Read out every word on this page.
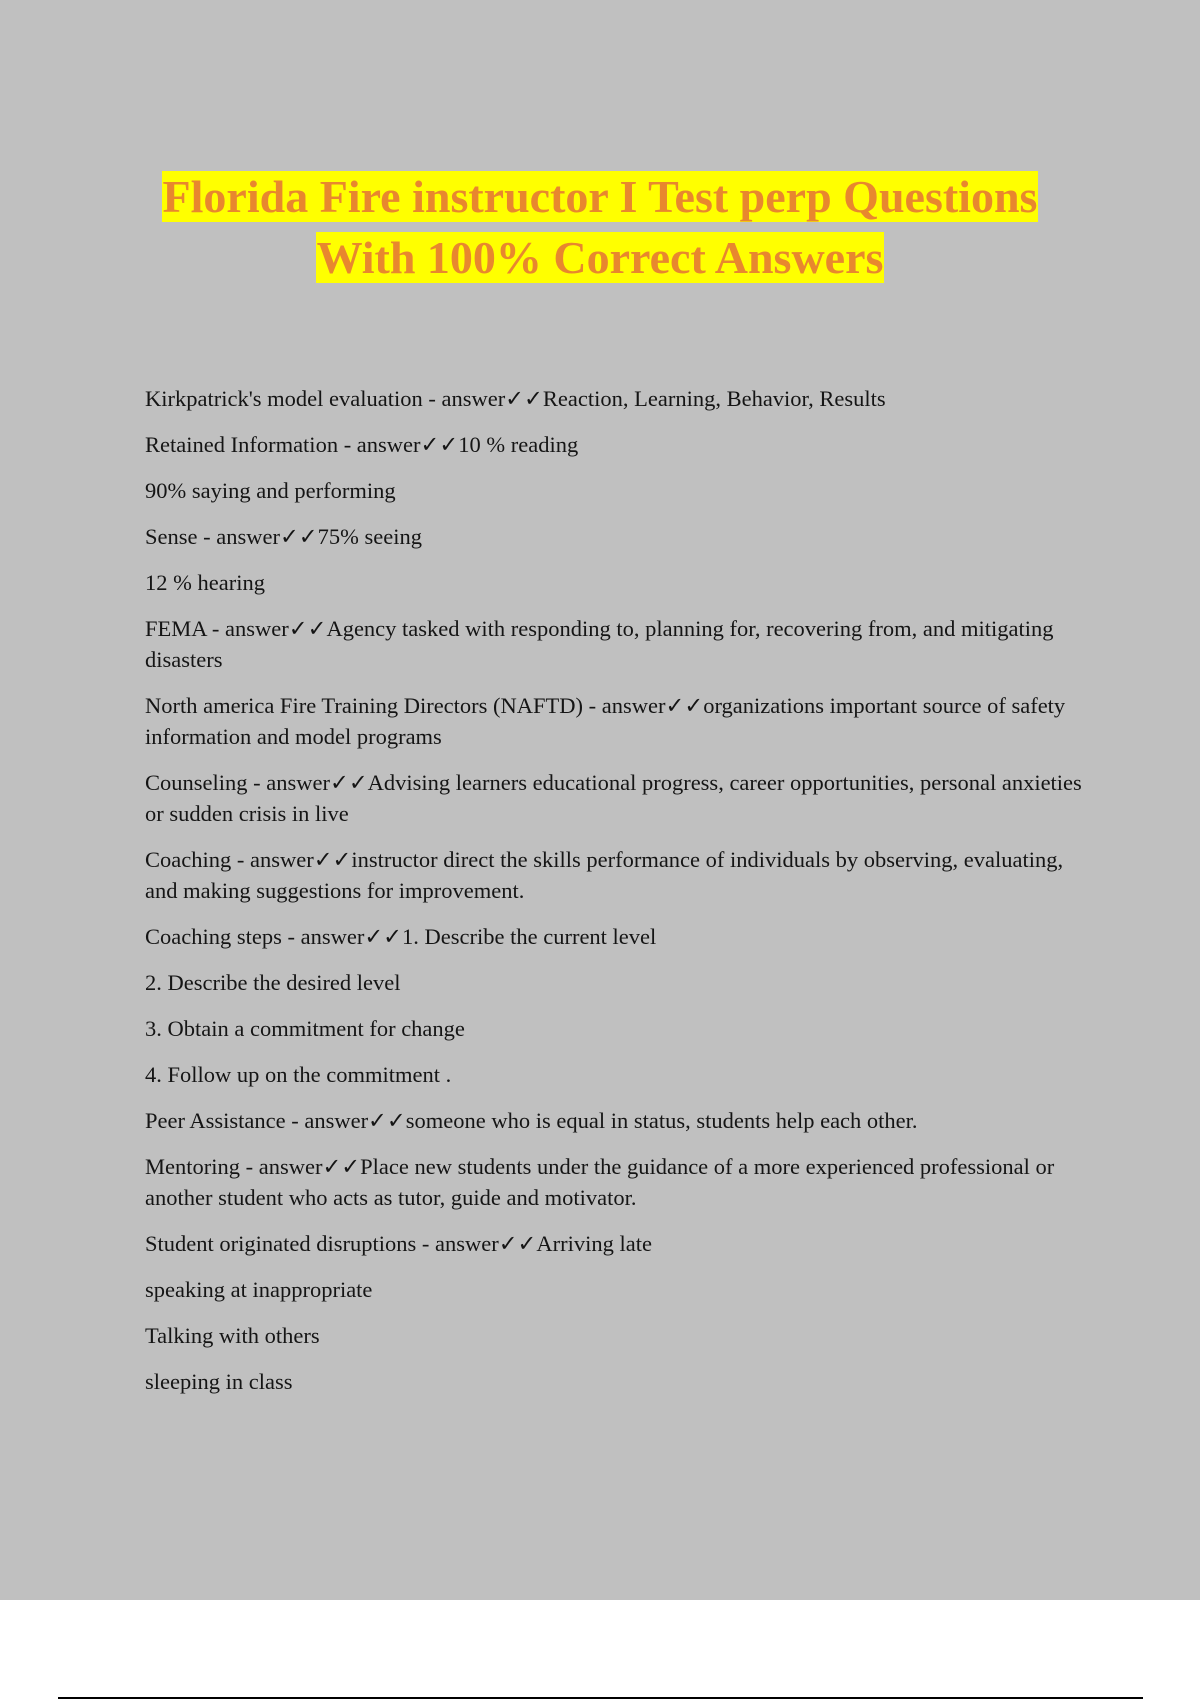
Florida Fire instructor I Test perp Questions
With 100% Correct Answers

Kirkpatrick's model evaluation - answer✓✓Reaction, Learning, Behavior, Results

Retained Information - answer✓✓10 % reading

90% saying and performing

Sense - answer✓✓75% seeing

12 % hearing

FEMA - answer✓✓Agency tasked with responding to, planning for, recovering from, and mitigating disasters

North america Fire Training Directors (NAFTD) - answer✓✓organizations important source of safety information and model programs

Counseling - answer✓✓Advising learners educational progress, career opportunities, personal anxieties or sudden crisis in live

Coaching - answer✓✓instructor direct the skills performance of individuals by observing, evaluating, and making suggestions for improvement.

Coaching steps - answer✓✓1. Describe the current level

2. Describe the desired level

3. Obtain a commitment for change

4. Follow up on the commitment .

Peer Assistance - answer✓✓someone who is equal in status, students help each other.

Mentoring - answer✓✓Place new students under the guidance of a more experienced professional or another student who acts as tutor, guide and motivator.

Student originated disruptions - answer✓✓Arriving late

speaking at inappropriate

Talking with others

sleeping in class
